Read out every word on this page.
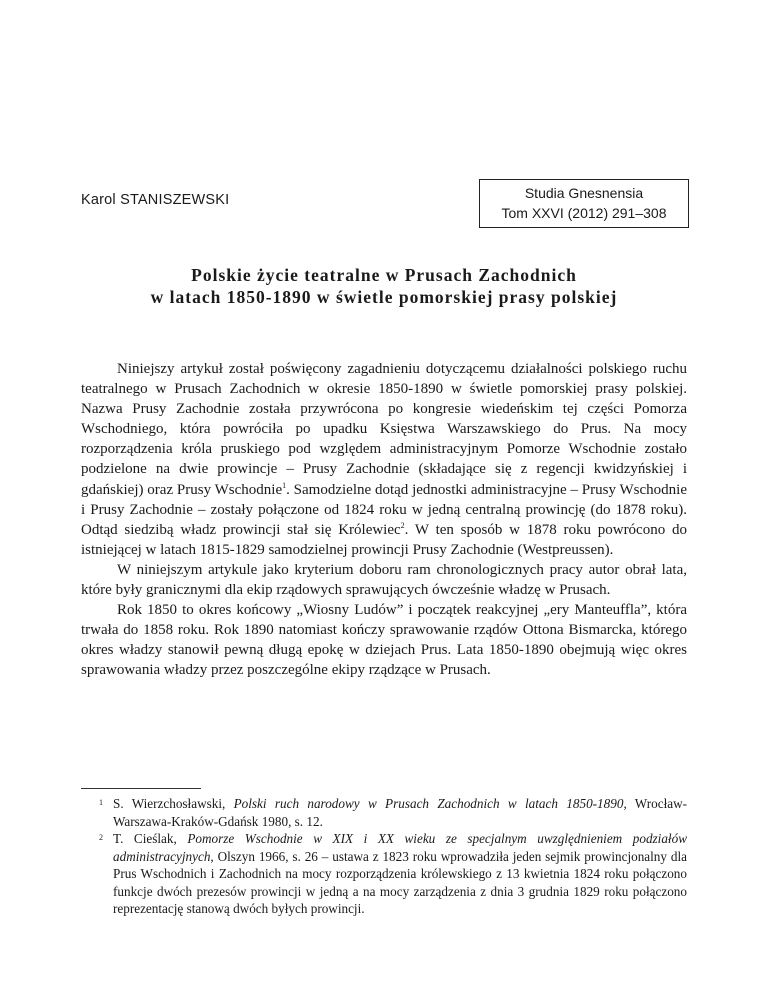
Karol STANISZEWSKI	Studia Gnesnensia
Tom XXVI (2012) 291–308
Polskie życie teatralne w Prusach Zachodnich
w latach 1850-1890 w świetle pomorskiej prasy polskiej

Niniejszy artykuł został poświęcony zagadnieniu dotyczącemu działalności polskiego ruchu teatralnego w Prusach Zachodnich w okresie 1850-1890 w świetle pomorskiej prasy polskiej. Nazwa Prusy Zachodnie została przywrócona po kongresie wiedeńskim tej części Pomorza Wschodniego, która powróciła po upadku Księstwa Warszawskiego do Prus. Na mocy rozporządzenia króla pruskiego pod względem administracyjnym Pomorze Wschodnie zostało podzielone na dwie prowincje – Prusy Zachodnie (składające się z regencji kwidzyńskiej i gdańskiej) oraz Prusy Wschodnie$^1$. Samodzielne dotąd jednostki administracyjne – Prusy Wschodnie i Prusy Zachodnie – zostały połączone od 1824 roku w jedną centralną prowincję (do 1878 roku). Odtąd siedzibą władz prowincji stał się Królewiec$^2$. W ten sposób w 1878 roku powrócono do istniejącej w latach 1815-1829 samodzielnej prowincji Prusy Zachodnie (Westpreussen).

W niniejszym artykule jako kryterium doboru ram chronologicznych pracy autor obrał lata, które były granicznymi dla ekip rządowych sprawujących ówcześnie władzę w Prusach.

Rok 1850 to okres końcowy „Wiosny Ludów” i początek reakcyjnej „ery Manteuffla”, która trwała do 1858 roku. Rok 1890 natomiast kończy sprawowanie rządów Ottona Bismarcka, którego okres władzy stanowił pewną długą epokę w dziejach Prus. Lata 1850-1890 obejmują więc okres sprawowania władzy przez poszczególne ekipy rządzące w Prusach.

1 S. Wierzchosławski, Polski ruch narodowy w Prusach Zachodnich w latach 1850-1890, Wrocław-Warszawa-Kraków-Gdańsk 1980, s. 12.
2 T. Cieślak, Pomorze Wschodnie w XIX i XX wieku ze specjalnym uwzględnieniem podziałów administracyjnych, Olszyn 1966, s. 26 – ustawa z 1823 roku wprowadziła jeden sejmik prowincjonalny dla Prus Wschodnich i Zachodnich na mocy rozporządzenia królewskiego z 13 kwietnia 1824 roku połączono funkcje dwóch prezesów prowincji w jedną a na mocy zarządzenia z dnia 3 grudnia 1829 roku połączono reprezentację stanową dwóch byłych prowincji.
